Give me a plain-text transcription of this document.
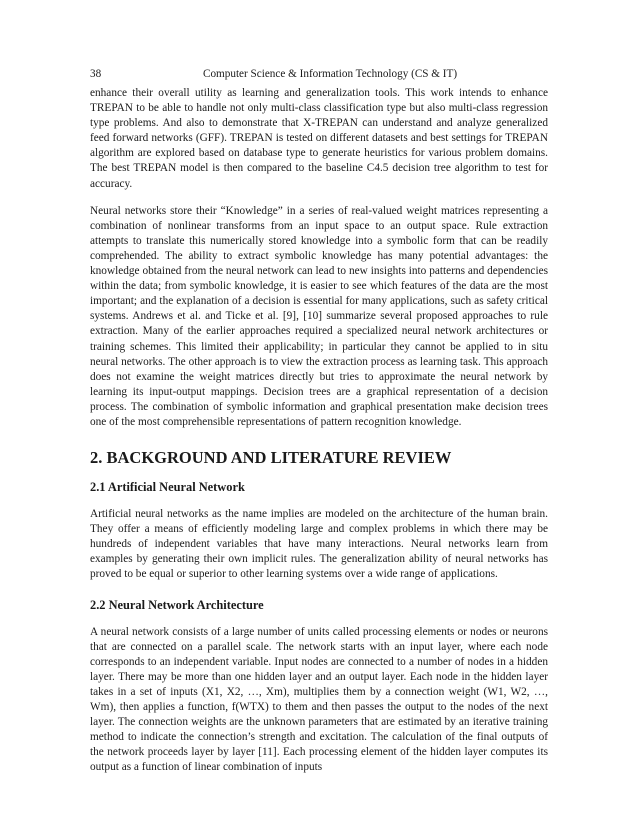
38	Computer Science & Information Technology (CS & IT)

enhance their overall utility as learning and generalization tools. This work intends to enhance TREPAN to be able to handle not only multi-class classification type but also multi-class regression type problems. And also to demonstrate that X-TREPAN can understand and analyze generalized feed forward networks (GFF). TREPAN is tested on different datasets and best settings for TREPAN algorithm are explored based on database type to generate heuristics for various problem domains. The best TREPAN model is then compared to the baseline C4.5 decision tree algorithm to test for accuracy.

Neural networks store their “Knowledge” in a series of real-valued weight matrices representing a combination of nonlinear transforms from an input space to an output space. Rule extraction attempts to translate this numerically stored knowledge into a symbolic form that can be readily comprehended. The ability to extract symbolic knowledge has many potential advantages: the knowledge obtained from the neural network can lead to new insights into patterns and dependencies within the data; from symbolic knowledge, it is easier to see which features of the data are the most important; and the explanation of a decision is essential for many applications, such as safety critical systems. Andrews et al. and Ticke et al. [9], [10] summarize several proposed approaches to rule extraction. Many of the earlier approaches required a specialized neural network architectures or training schemes. This limited their applicability; in particular they cannot be applied to in situ neural networks. The other approach is to view the extraction process as learning task. This approach does not examine the weight matrices directly but tries to approximate the neural network by learning its input-output mappings. Decision trees are a graphical representation of a decision process. The combination of symbolic information and graphical presentation make decision trees one of the most comprehensible representations of pattern recognition knowledge.

2. BACKGROUND AND LITERATURE REVIEW
2.1 Artificial Neural Network

Artificial neural networks as the name implies are modeled on the architecture of the human brain. They offer a means of efficiently modeling large and complex problems in which there may be hundreds of independent variables that have many interactions. Neural networks learn from examples by generating their own implicit rules. The generalization ability of neural networks has proved to be equal or superior to other learning systems over a wide range of applications.

2.2 Neural Network Architecture

A neural network consists of a large number of units called processing elements or nodes or neurons that are connected on a parallel scale. The network starts with an input layer, where each node corresponds to an independent variable. Input nodes are connected to a number of nodes in a hidden layer. There may be more than one hidden layer and an output layer. Each node in the hidden layer takes in a set of inputs (X1, X2, …, Xm), multiplies them by a connection weight (W1, W2, …, Wm), then applies a function, f(WTX) to them and then passes the output to the nodes of the next layer. The connection weights are the unknown parameters that are estimated by an iterative training method to indicate the connection’s strength and excitation. The calculation of the final outputs of the network proceeds layer by layer [11]. Each processing element of the hidden layer computes its output as a function of linear combination of inputs
